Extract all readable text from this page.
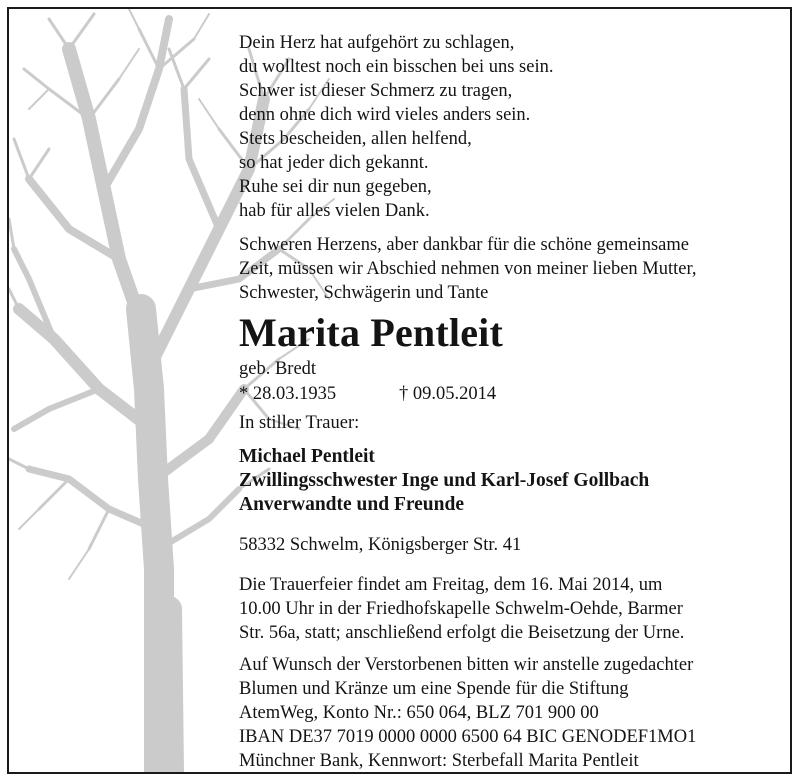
Dein Herz hat aufgehört zu schlagen,
du wolltest noch ein bisschen bei uns sein.
Schwer ist dieser Schmerz zu tragen,
denn ohne dich wird vieles anders sein.
Stets bescheiden, allen helfend,
so hat jeder dich gekannt.
Ruhe sei dir nun gegeben,
hab für alles vielen Dank.
Schweren Herzens, aber dankbar für die schöne gemeinsame
Zeit, müssen wir Abschied nehmen von meiner lieben Mutter,
Schwester, Schwägerin und Tante
Marita Pentleit
geb. Bredt
* 28.03.1935	† 09.05.2014
In stiller Trauer:
Michael Pentleit
Zwillingsschwester Inge und Karl-Josef Gollbach
Anverwandte und Freunde
58332 Schwelm, Königsberger Str. 41
Die Trauerfeier findet am Freitag, dem 16. Mai 2014, um
10.00 Uhr in der Friedhofskapelle Schwelm-Oehde, Barmer
Str. 56a, statt; anschließend erfolgt die Beisetzung der Urne.
Auf Wunsch der Verstorbenen bitten wir anstelle zugedachter
Blumen und Kränze um eine Spende für die Stiftung
AtemWeg, Konto Nr.: 650 064, BLZ 701 900 00
IBAN DE37 7019 0000 0000 6500 64 BIC GENODEF1MO1
Münchner Bank, Kennwort: Sterbefall Marita Pentleit
